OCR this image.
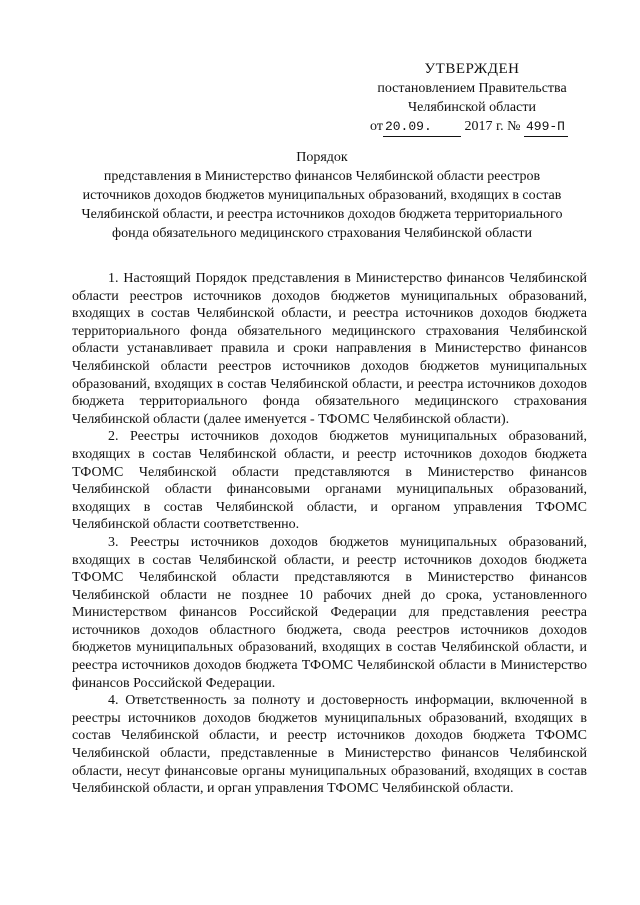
УТВЕРЖДЕН
постановлением Правительства
Челябинской области
от 20.09. 2017 г. № 499-П
Порядок
представления в Министерство финансов Челябинской области реестров источников доходов бюджетов муниципальных образований, входящих в состав Челябинской области, и реестра источников доходов бюджета территориального фонда обязательного медицинского страхования Челябинской области

1. Настоящий Порядок представления в Министерство финансов Челябинской области реестров источников доходов бюджетов муниципальных образований, входящих в состав Челябинской области, и реестра источников доходов бюджета территориального фонда обязательного медицинского страхования Челябинской области устанавливает правила и сроки направления в Министерство финансов Челябинской области реестров источников доходов бюджетов муниципальных образований, входящих в состав Челябинской области, и реестра источников доходов бюджета территориального фонда обязательного медицинского страхования Челябинской области (далее именуется - ТФОМС Челябинской области).

2. Реестры источников доходов бюджетов муниципальных образований, входящих в состав Челябинской области, и реестр источников доходов бюджета ТФОМС Челябинской области представляются в Министерство финансов Челябинской области финансовыми органами муниципальных образований, входящих в состав Челябинской области, и органом управления ТФОМС Челябинской области соответственно.

3. Реестры источников доходов бюджетов муниципальных образований, входящих в состав Челябинской области, и реестр источников доходов бюджета ТФОМС Челябинской области представляются в Министерство финансов Челябинской области не позднее 10 рабочих дней до срока, установленного Министерством финансов Российской Федерации для представления реестра источников доходов областного бюджета, свода реестров источников доходов бюджетов муниципальных образований, входящих в состав Челябинской области, и реестра источников доходов бюджета ТФОМС Челябинской области в Министерство финансов Российской Федерации.

4. Ответственность за полноту и достоверность информации, включенной в реестры источников доходов бюджетов муниципальных образований, входящих в состав Челябинской области, и реестр источников доходов бюджета ТФОМС Челябинской области, представленные в Министерство финансов Челябинской области, несут финансовые органы муниципальных образований, входящих в состав Челябинской области, и орган управления ТФОМС Челябинской области.
